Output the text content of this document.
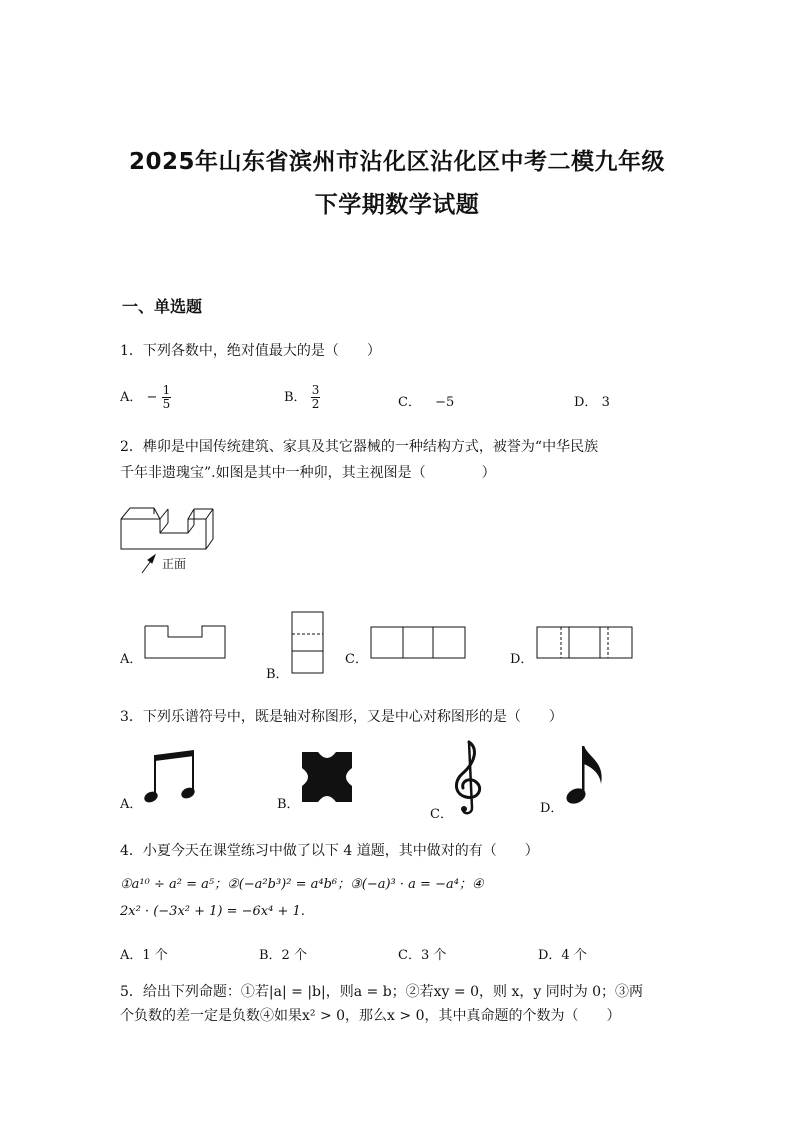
2025年山东省滨州市沾化区沾化区中考二模九年级
下学期数学试题
一、单选题
1．下列各数中，绝对值最大的是（　　）
A． − $\frac{1}{5}$	B． $\frac{3}{2}$	C． −5	D． 3
2．榫卯是中国传统建筑、家具及其它器械的一种结构方式，被誉为“中华民族
千年非遗瑰宝”.如图是其中一种卯，其主视图是（　　　　）
正面
A．
B．
C．	D．
3．下列乐谱符号中，既是轴对称图形，又是中心对称图形的是（　　）
A．	B．
C．	D．
4．小夏今天在课堂练习中做了以下 4 道题，其中做对的有（　　）
①a¹⁰ ÷ a² = a⁵；②(−a²b³)² = a⁴b⁶；③(−a)³ · a = −a⁴；④
2x² · (−3x² + 1) = −6x⁴ + 1.
A．1 个	B．2 个	C．3 个	D．4 个
5．给出下列命题：①若|a| = |b|，则a = b；②若xy = 0，则 x，y 同时为 0；③两
个负数的差一定是负数④如果x² > 0，那么x > 0，其中真命题的个数为（　　）
